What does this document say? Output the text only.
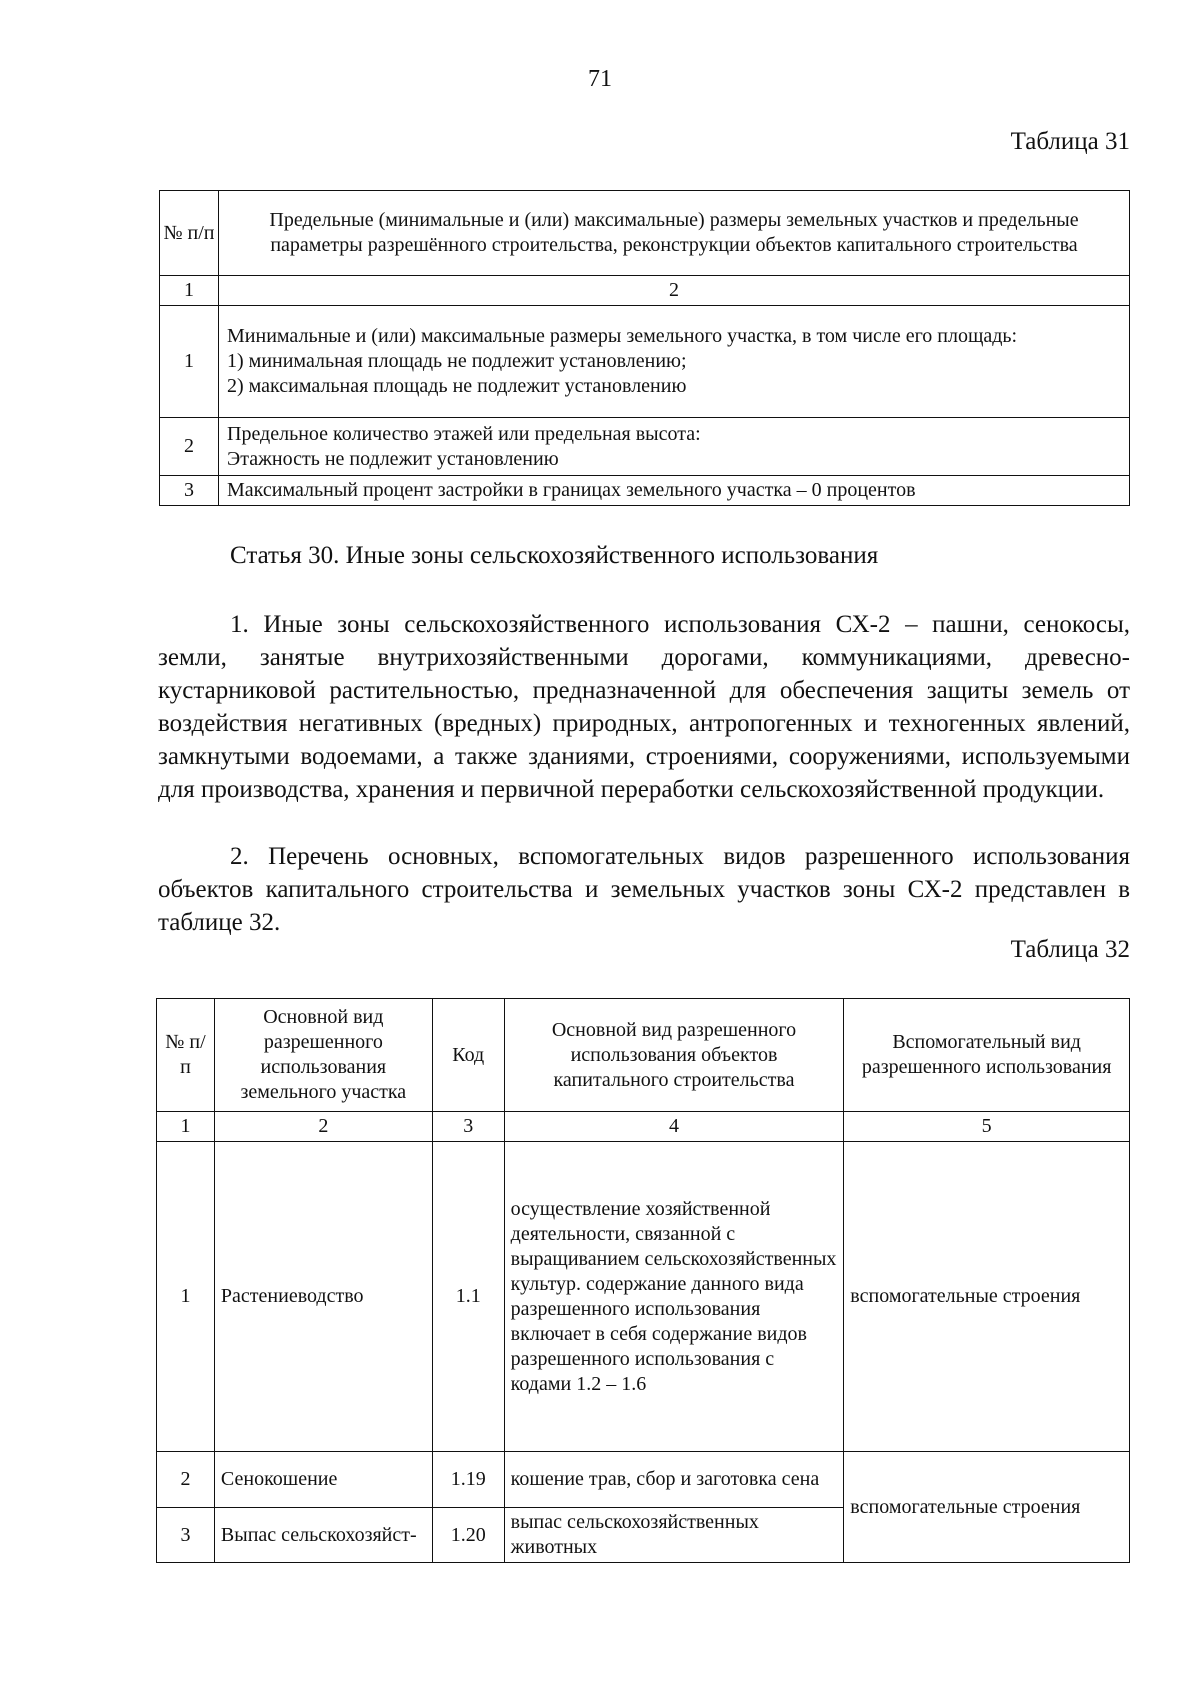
71
Таблица 31
№ п/п	Предельные (минимальные и (или) максимальные) размеры земельных участков и предельные параметры разрешённого строительства, реконструкции объектов капитального строительства
1	2
1	Минимальные и (или) максимальные размеры земельного участка, в том числе его площадь:
1) минимальная площадь не подлежит установлению;
2) максимальная площадь не подлежит установлению

2	Предельное количество этажей или предельная высота:
Этажность не подлежит установлению

3	Максимальный процент застройки в границах земельного участка – 0 процентов
Статья 30. Иные зоны сельскохозяйственного использования
1. Иные зоны сельскохозяйственного использования СХ-2 – пашни, сенокосы, земли, занятые внутрихозяйственными дорогами, коммуникациями, древесно-кустарниковой растительностью, предназначенной для обеспечения защиты земель от воздействия негативных (вредных) природных, антропогенных и техногенных явлений, замкнутыми водоемами, а также зданиями, строениями, сооружениями, используемыми для производства, хранения и первичной переработки сельскохозяйственной продукции.
2. Перечень основных, вспомогательных видов разрешенного использования объектов капитального строительства и земельных участков зоны СХ-2 представлен в таблице 32.
Таблица 32
№ п/п	Основной вид разрешенного использования земельного участка	Код	Основной вид разрешенного использования объектов капитального строительства	Вспомогательный вид разрешенного использования
1	2	3	4	5
1	Растениеводство	1.1	осуществление хозяйственной деятельности, связанной с выращиванием сельскохозяйственных культур. содержание данного вида разрешенного использования включает в себя содержание видов разрешенного использования с кодами 1.2 – 1.6	вспомогательные строения
2	Сенокошение	1.19	кошение трав, сбор и заготовка сена	вспомогательные строения
3	Выпас сельскохозяйст-	1.20	выпас сельскохозяйственных животных	
